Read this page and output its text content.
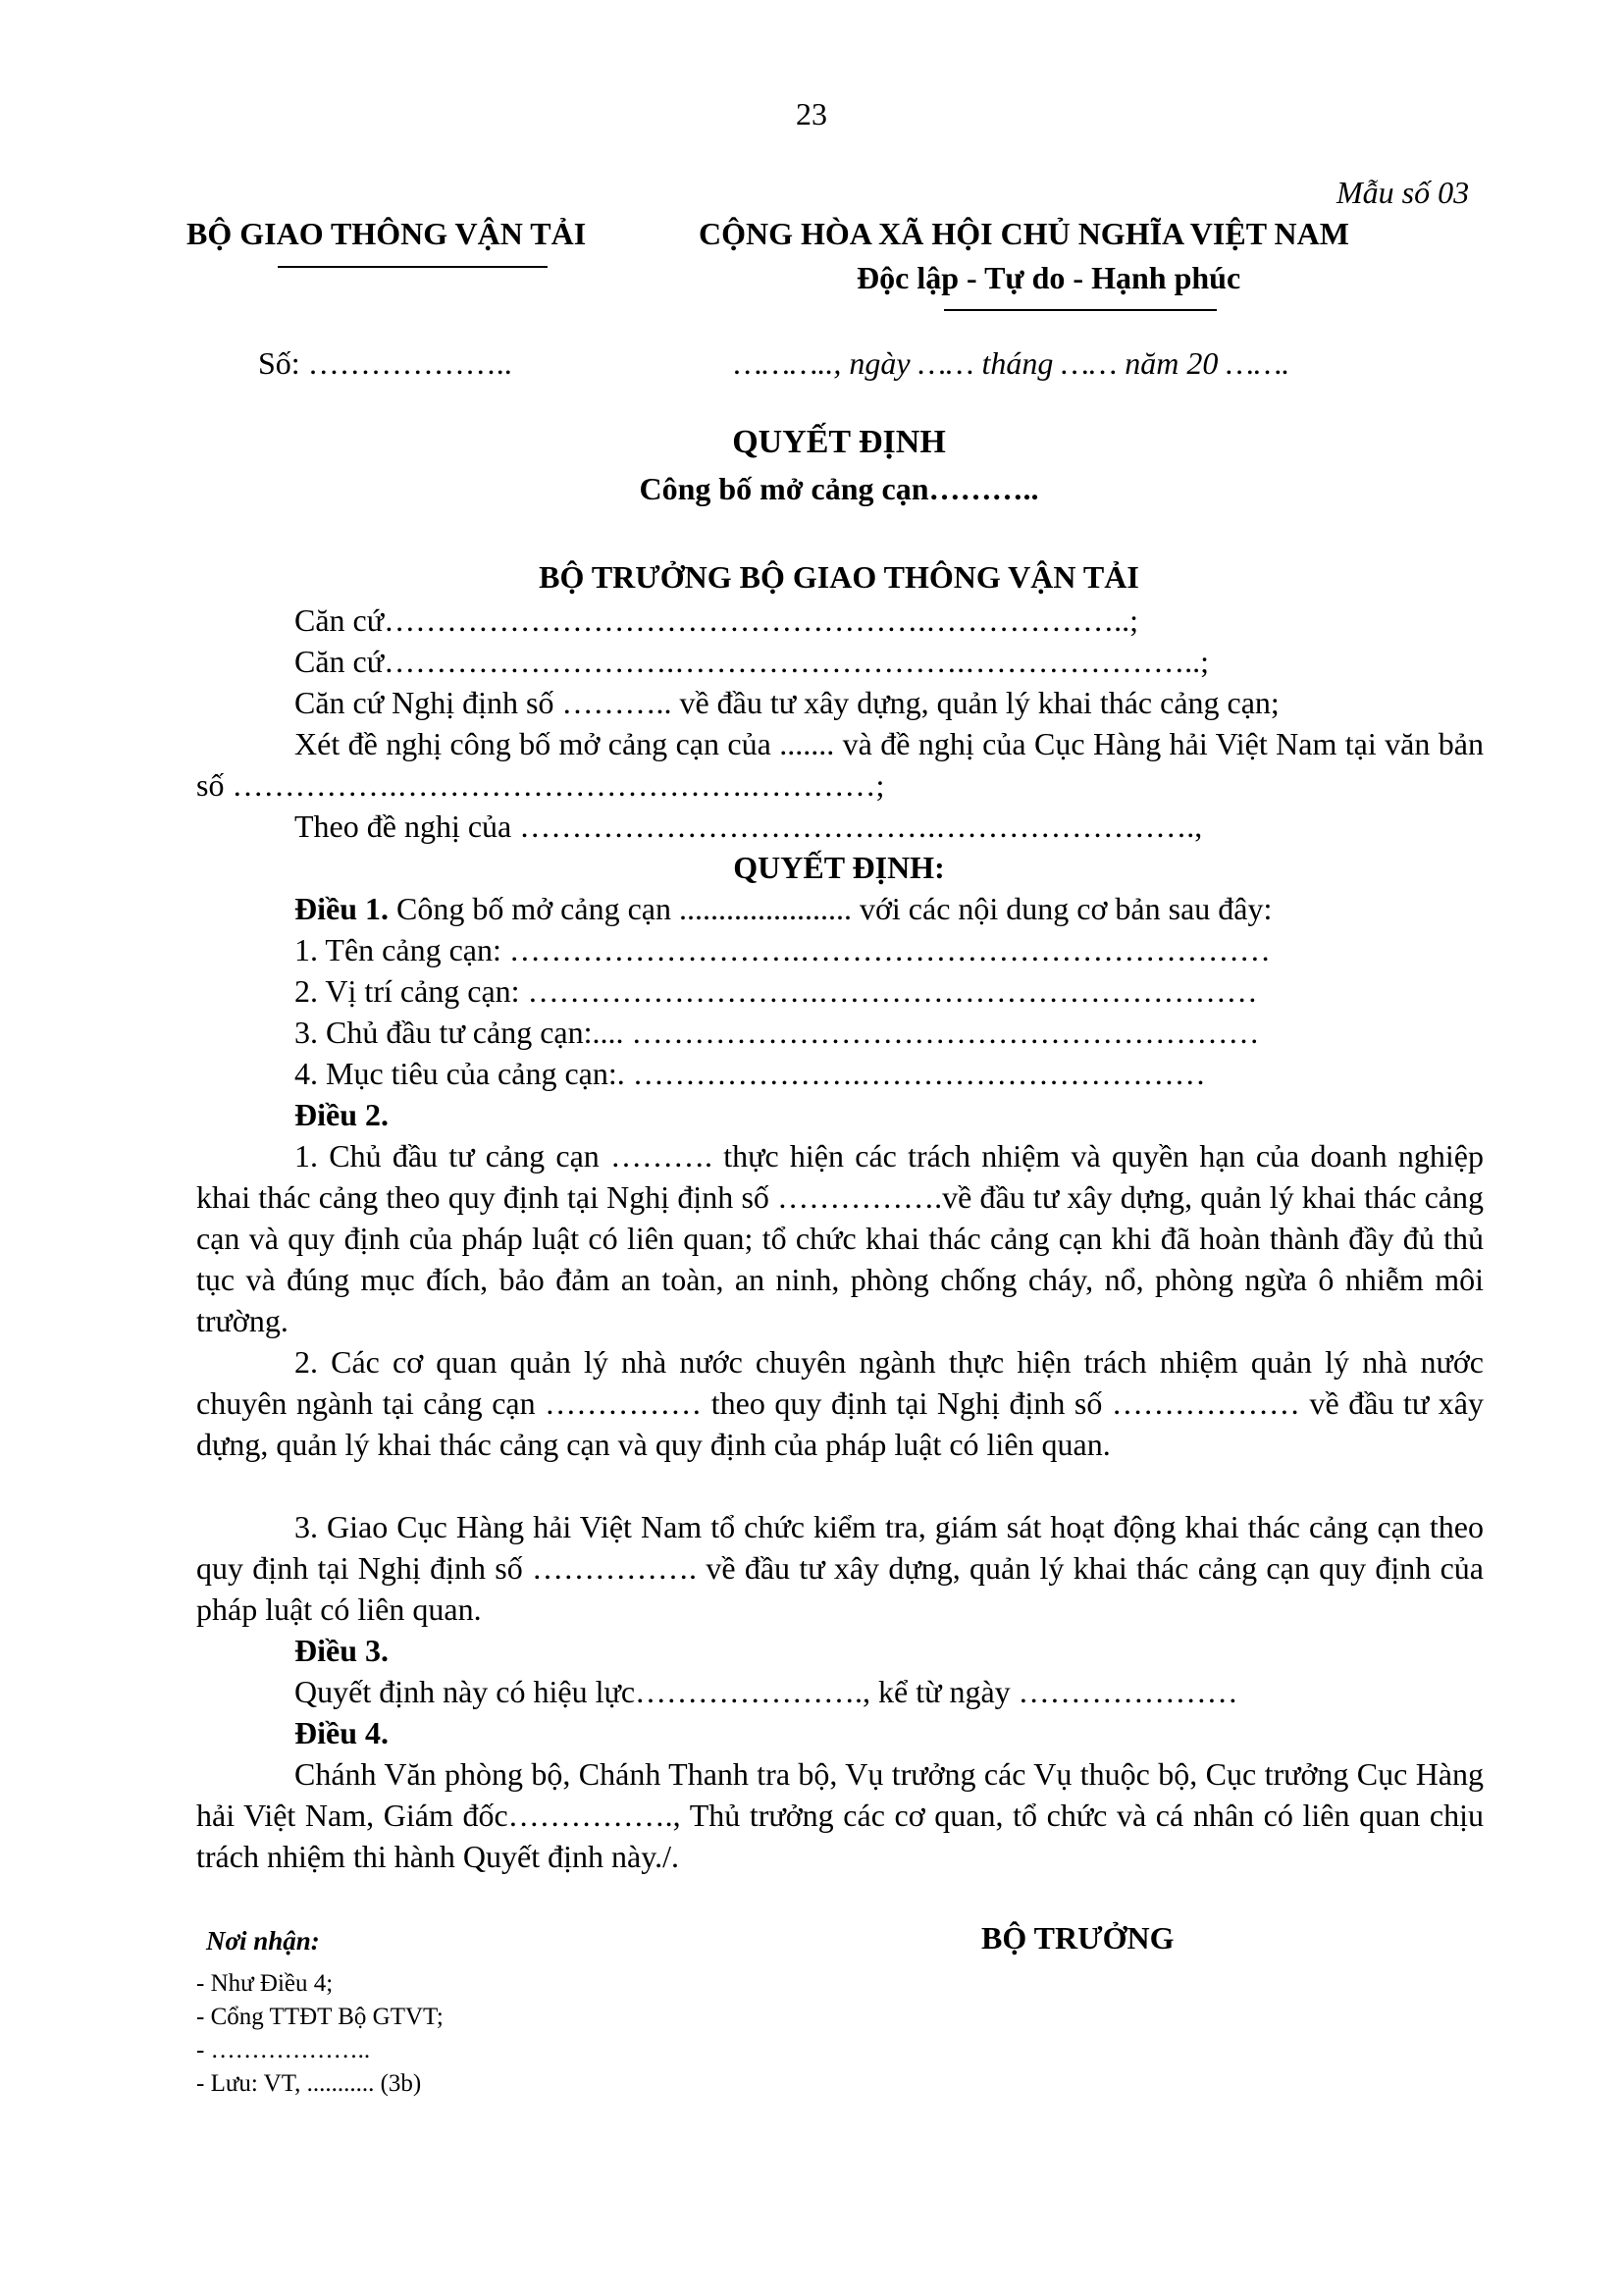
23
Mẫu số 03
BỘ GIAO THÔNG VẬN TẢI	CỘNG HÒA XÃ HỘI CHỦ NGHĨA VIỆT NAM
Độc lập - Tự do - Hạnh phúc
Số: ………………..	……….., ngày …… tháng …… năm 20 …….
QUYẾT ĐỊNH
Công bố mở cảng cạn………..
BỘ TRƯỞNG BỘ GIAO THÔNG VẬN TẢI
Căn cứ…………………………………………….………………..;
Căn cứ……………………….……………………….…………………..;
Căn cứ Nghị định số ……….. về đầu tư xây dựng, quản lý khai thác cảng cạn;
Xét đề nghị công bố mở cảng cạn của ....... và đề nghị của Cục Hàng hải Việt Nam tại văn bản số …………….…………………………….…………;
Theo đề nghị của ………………………………….…………………….,
QUYẾT ĐỊNH:
Điều 1. Công bố mở cảng cạn ...................... với các nội dung cơ bản sau đây:
1. Tên cảng cạn: ……………………….………………………………………
2. Vị trí cảng cạn: ……………………….……………………………………
3. Chủ đầu tư cảng cạn:.... ……………………………………………………
4. Mục tiêu của cảng cạn:. ………………….……………………………
Điều 2.
1. Chủ đầu tư cảng cạn ………. thực hiện các trách nhiệm và quyền hạn của doanh nghiệp khai thác cảng theo quy định tại Nghị định số …………….về đầu tư xây dựng, quản lý khai thác cảng cạn và quy định của pháp luật có liên quan; tổ chức khai thác cảng cạn khi đã hoàn thành đầy đủ thủ tục và đúng mục đích, bảo đảm an toàn, an ninh, phòng chống cháy, nổ, phòng ngừa ô nhiễm môi trường.
2. Các cơ quan quản lý nhà nước chuyên ngành thực hiện trách nhiệm quản lý nhà nước chuyên ngành tại cảng cạn …………… theo quy định tại Nghị định số ……………… về đầu tư xây dựng, quản lý khai thác cảng cạn và quy định của pháp luật có liên quan.
3. Giao Cục Hàng hải Việt Nam tổ chức kiểm tra, giám sát hoạt động khai thác cảng cạn theo quy định tại Nghị định số ……………. về đầu tư xây dựng, quản lý khai thác cảng cạn quy định của pháp luật có liên quan.
Điều 3.
Quyết định này có hiệu lực…………………., kể từ ngày …………………
Điều 4.
Chánh Văn phòng bộ, Chánh Thanh tra bộ, Vụ trưởng các Vụ thuộc bộ, Cục trưởng Cục Hàng hải Việt Nam, Giám đốc……………., Thủ trưởng các cơ quan, tổ chức và cá nhân có liên quan chịu trách nhiệm thi hành Quyết định này./.
Nơi nhận:
- Như Điều 4;
- Cổng TTĐT Bộ GTVT;
- ………………..
- Lưu: VT, ........... (3b)
BỘ TRƯỞNG
